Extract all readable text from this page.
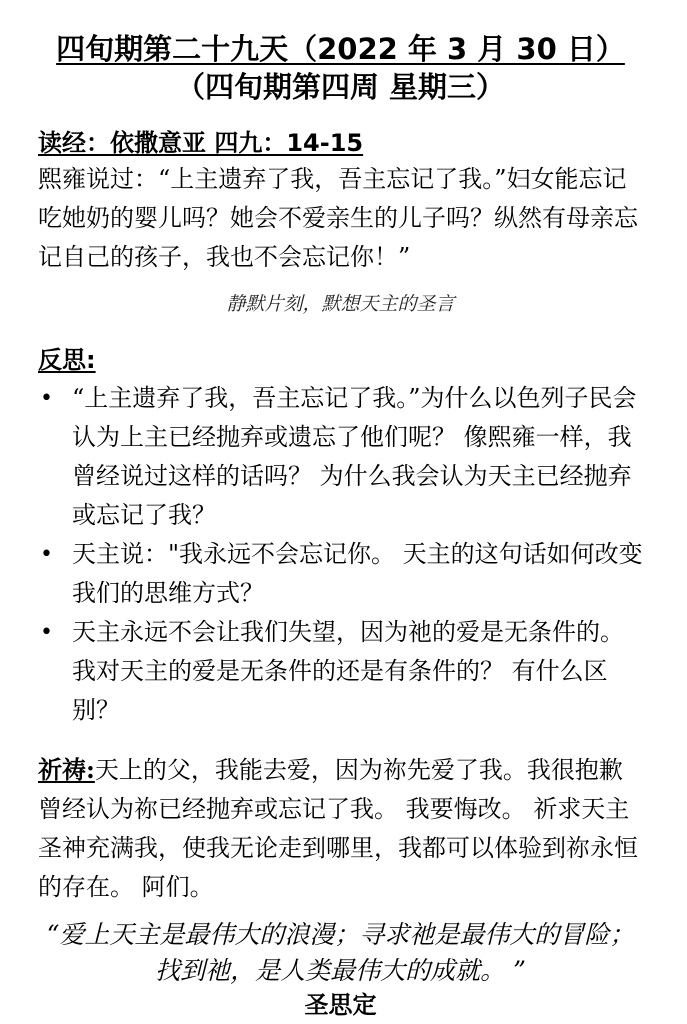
四旬期第二十九天（2022 年 3 月 30 日）
（四旬期第四周 星期三）
读经：依撒意亚 四九：14-15

熙雍说过：“上主遗弃了我，吾主忘记了我。”妇女能忘记吃她奶的婴儿吗？她会不爱亲生的儿子吗？纵然有母亲忘记自己的孩子，我也不会忘记你！”

静默片刻，默想天主的圣言
反思:
•
“上主遗弃了我，吾主忘记了我。”为什么以色列子民会认为上主已经抛弃或遗忘了他们呢？ 像熙雍一样，我曾经说过这样的话吗？ 为什么我会认为天主已经抛弃或忘记了我？
•
天主说："我永远不会忘记你。 天主的这句话如何改变我们的思维方式？
•
天主永远不会让我们失望，因为祂的爱是无条件的。 我对天主的爱是无条件的还是有条件的？ 有什么区别？

祈祷:天上的父，我能去爱，因为祢先爱了我。我很抱歉曾经认为祢已经抛弃或忘记了我。 我要悔改。 祈求天主圣神充满我，使我无论走到哪里，我都可以体验到祢永恒的存在。 阿们。

“爱上天主是最伟大的浪漫；寻求祂是最伟大的冒险；找到祂，是人类最伟大的成就。 ”

圣思定
